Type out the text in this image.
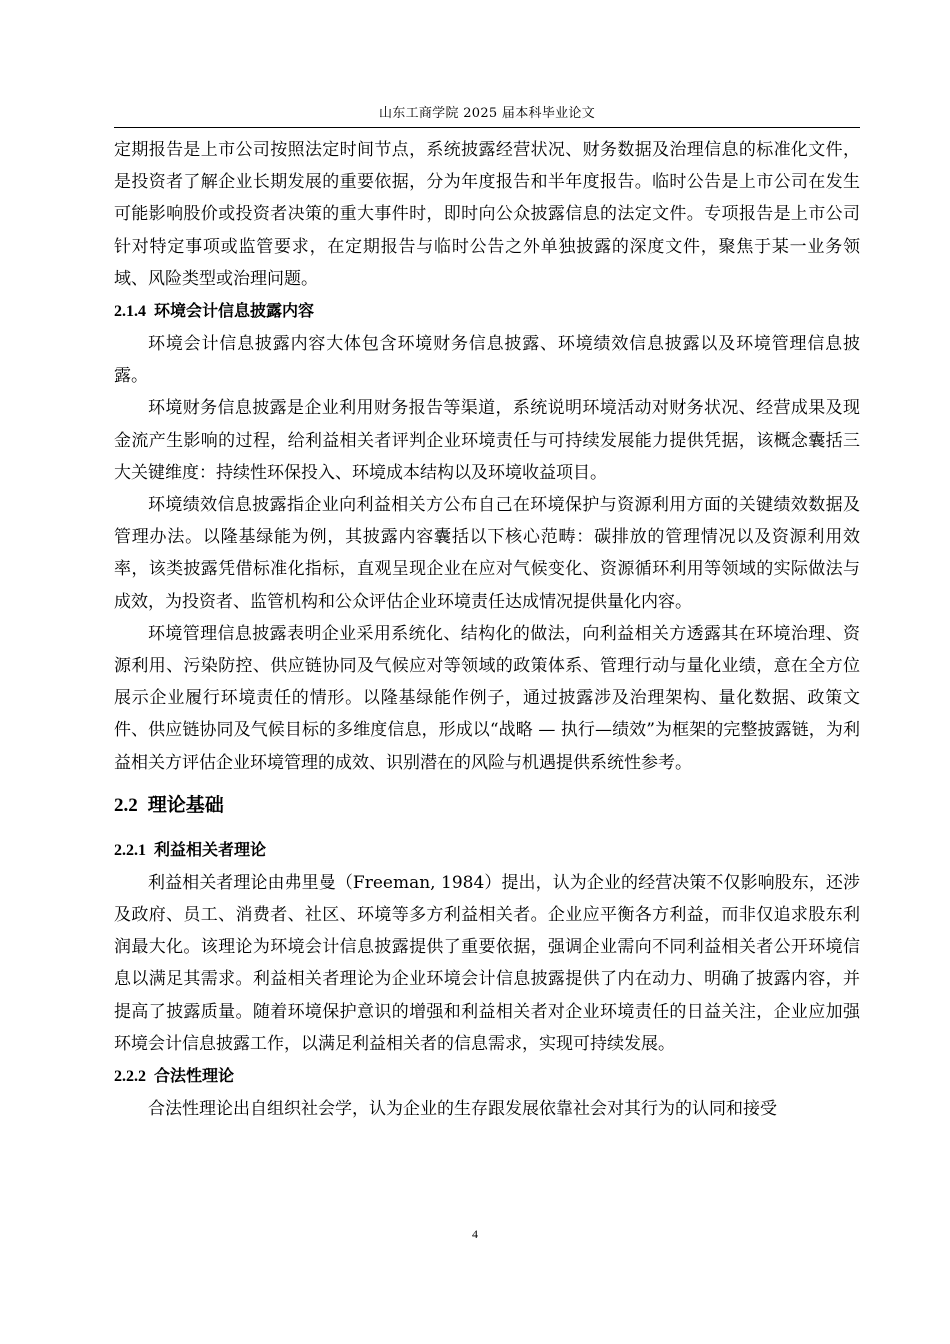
山东工商学院 2025 届本科毕业论文

定期报告是上市公司按照法定时间节点，系统披露经营状况、财务数据及治理信息的标准化文件，是投资者了解企业长期发展的重要依据，分为年度报告和半年度报告。临时公告是上市公司在发生可能影响股价或投资者决策的重大事件时，即时向公众披露信息的法定文件。专项报告是上市公司针对特定事项或监管要求，在定期报告与临时公告之外单独披露的深度文件，聚焦于某一业务领域、风险类型或治理问题。

2.1.4 环境会计信息披露内容

环境会计信息披露内容大体包含环境财务信息披露、环境绩效信息披露以及环境管理信息披露。

环境财务信息披露是企业利用财务报告等渠道，系统说明环境活动对财务状况、经营成果及现金流产生影响的过程，给利益相关者评判企业环境责任与可持续发展能力提供凭据，该概念囊括三大关键维度：持续性环保投入、环境成本结构以及环境收益项目。

环境绩效信息披露指企业向利益相关方公布自己在环境保护与资源利用方面的关键绩效数据及管理办法。以隆基绿能为例，其披露内容囊括以下核心范畴：碳排放的管理情况以及资源利用效率，该类披露凭借标准化指标，直观呈现企业在应对气候变化、资源循环利用等领域的实际做法与成效，为投资者、监管机构和公众评估企业环境责任达成情况提供量化内容。

环境管理信息披露表明企业采用系统化、结构化的做法，向利益相关方透露其在环境治理、资源利用、污染防控、供应链协同及气候应对等领域的政策体系、管理行动与量化业绩，意在全方位展示企业履行环境责任的情形。以隆基绿能作例子，通过披露涉及治理架构、量化数据、政策文件、供应链协同及气候目标的多维度信息，形成以“战略 — 执行—绩效”为框架的完整披露链，为利益相关方评估企业环境管理的成效、识别潜在的风险与机遇提供系统性参考。

2.2 理论基础
2.2.1 利益相关者理论

利益相关者理论由弗里曼（Freeman, 1984）提出，认为企业的经营决策不仅影响股东，还涉及政府、员工、消费者、社区、环境等多方利益相关者。企业应平衡各方利益，而非仅追求股东利润最大化。该理论为环境会计信息披露提供了重要依据，强调企业需向不同利益相关者公开环境信息以满足其需求。利益相关者理论为企业环境会计信息披露提供了内在动力、明确了披露内容，并提高了披露质量。随着环境保护意识的增强和利益相关者对企业环境责任的日益关注，企业应加强环境会计信息披露工作，以满足利益相关者的信息需求，实现可持续发展。

2.2.2 合法性理论

合法性理论出自组织社会学，认为企业的生存跟发展依靠社会对其行为的认同和接受

4
